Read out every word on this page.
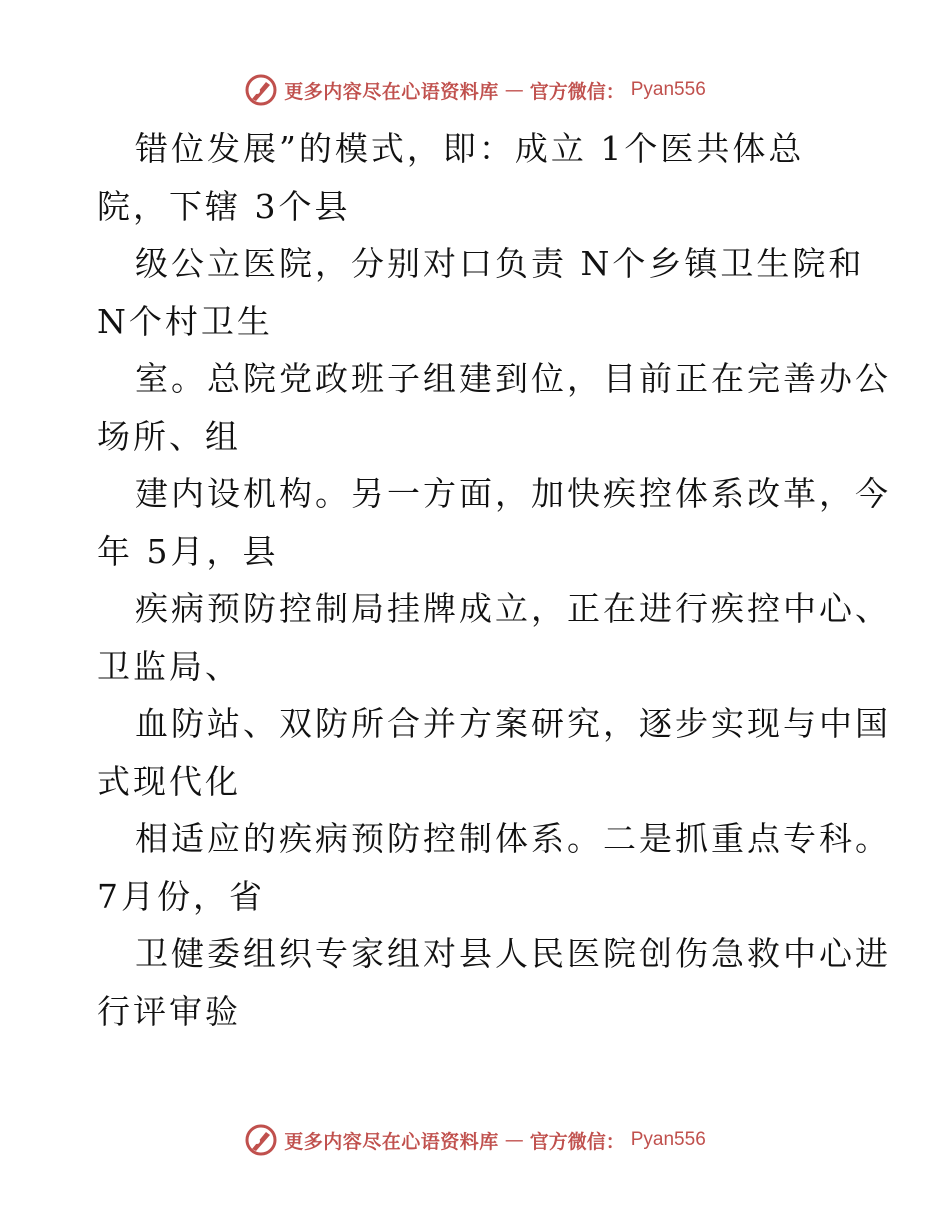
更多内容尽在心语资料库 — 官方微信： Pyan556
错位发展”的模式，即：成立 1个医共体总
院，下辖 3个县
级公立医院，分别对口负责 N个乡镇卫生院和
N个村卫生
室。总院党政班子组建到位，目前正在完善办公
场所、组
建内设机构。另一方面，加快疾控体系改革，今
年 5月，县
疾病预防控制局挂牌成立，正在进行疾控中心、
卫监局、
血防站、双防所合并方案研究，逐步实现与中国
式现代化
相适应的疾病预防控制体系。二是抓重点专科。
7月份，省
卫健委组织专家组对县人民医院创伤急救中心进
行评审验
更多内容尽在心语资料库 — 官方微信： Pyan556
